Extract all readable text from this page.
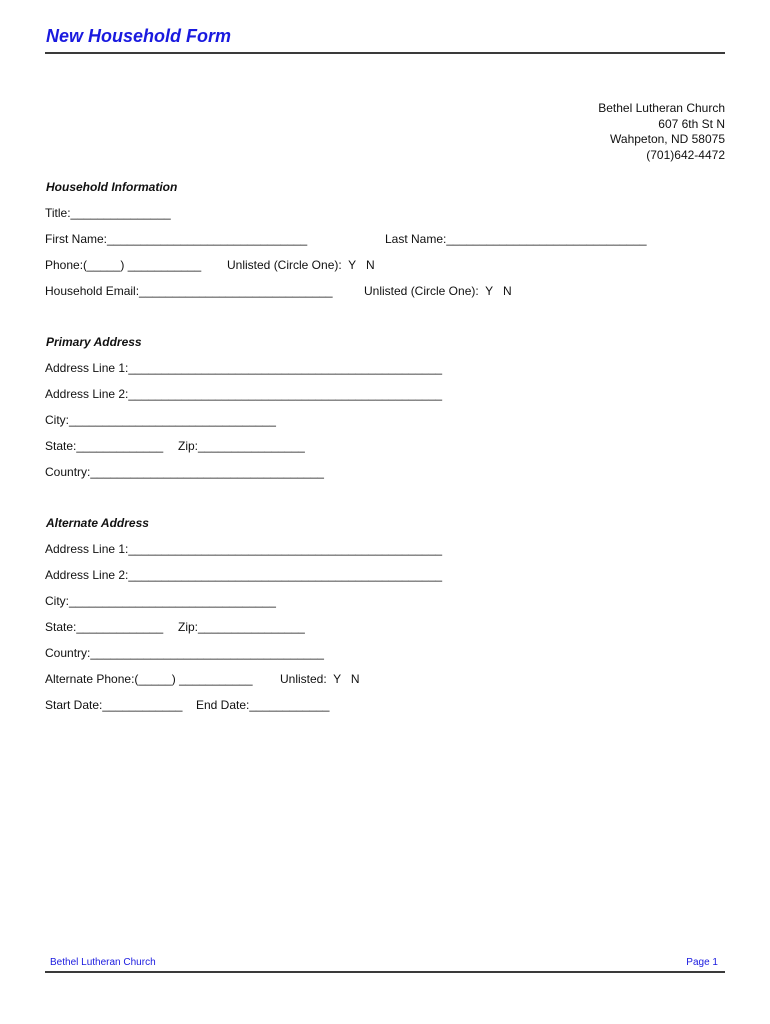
New Household Form
Bethel Lutheran Church
607 6th St N
Wahpeton, ND 58075
(701)642-4472
Household Information
Title:_______________
First Name:______________________________	Last Name:______________________________
Phone:(_____) ___________ Unlisted (Circle One):  Y   N
Household Email:_____________________________	Unlisted (Circle One):  Y   N
Primary Address
Address Line 1:_______________________________________________
Address Line 2:_______________________________________________
City:_______________________________
State:_____________ Zip:________________
Country:___________________________________
Alternate Address
Address Line 1:_______________________________________________
Address Line 2:_______________________________________________
City:_______________________________
State:_____________ Zip:________________
Country:___________________________________
Alternate Phone:(_____) ___________ Unlisted:  Y   N
Start Date:____________ End Date:____________
Bethel Lutheran Church	Page 1
